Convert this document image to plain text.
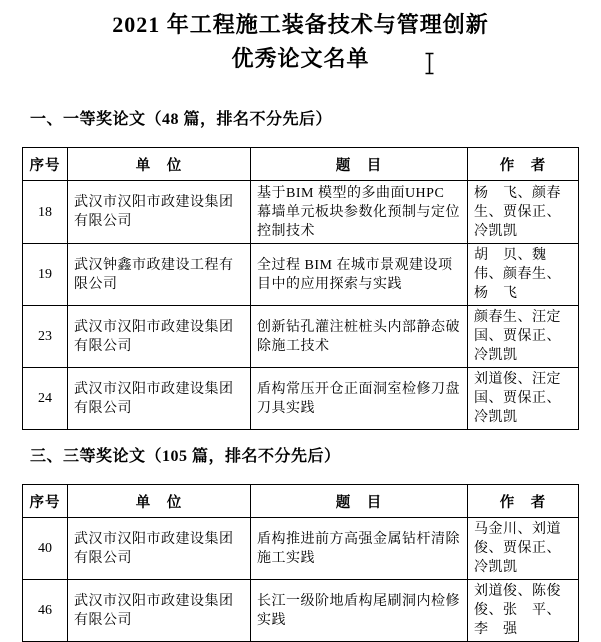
2021 年工程施工装备技术与管理创新
优秀论文名单
一、一等奖论文（48 篇，排名不分先后）
序号	单　位	题　目	作　者
18	武汉市汉阳市政建设集团有限公司	基于BIM 模型的多曲面UHPC 幕墙单元板块参数化预制与定位控制技术	杨　飞、颜春生、贾保正、冷凯凯
19	武汉钟鑫市政建设工程有限公司	全过程 BIM 在城市景观建设项目中的应用探索与实践	胡　贝、魏　伟、颜春生、杨　飞
23	武汉市汉阳市政建设集团有限公司	创新钻孔灌注桩桩头内部静态破除施工技术	颜春生、汪定国、贾保正、冷凯凯
24	武汉市汉阳市政建设集团有限公司	盾构常压开仓正面洞室检修刀盘刀具实践	刘道俊、汪定国、贾保正、冷凯凯
三、三等奖论文（105 篇，排名不分先后）
序号	单　位	题　目	作　者
40	武汉市汉阳市政建设集团有限公司	盾构推进前方高强金属钻杆清除施工实践	马金川、刘道俊、贾保正、冷凯凯
46	武汉市汉阳市政建设集团有限公司	长江一级阶地盾构尾刷洞内检修实践	刘道俊、陈俊俊、张　平、李　强
